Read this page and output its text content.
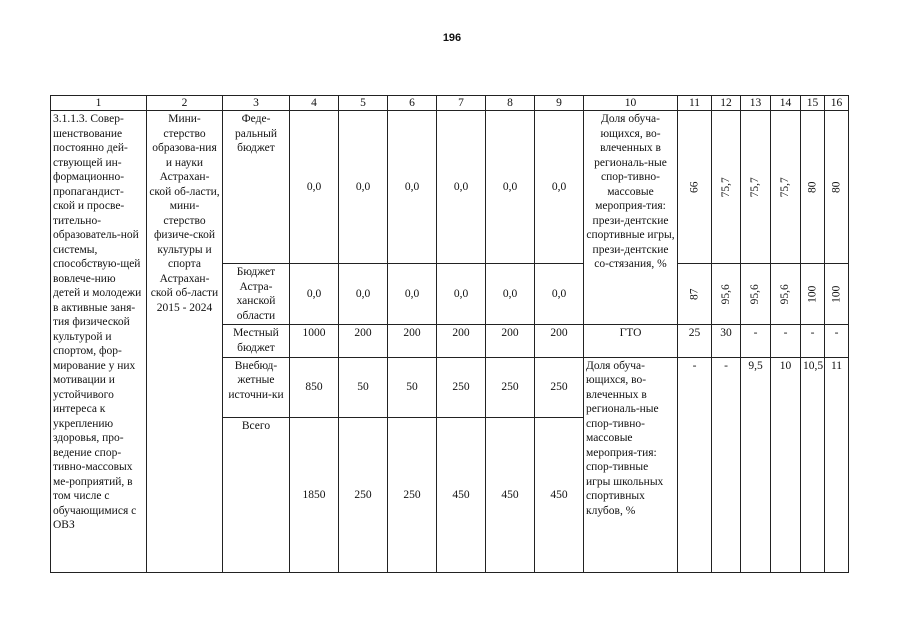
196
1	2	3	4	5	6	7	8	9	10	11	12	13	14	15	16
3.1.1.3. Совер-шенствование постоянно дей-ствующей ин-формационно-пропагандист-ской и просве-тительно-образователь-ной системы, способствую-щей вовлече-нию детей и молодежи в активные заня-тия физической культурой и спортом, фор-мирование у них мотивации и устойчивого интереса к укреплению здоровья, про-ведение спор-тивно-массовых ме-роприятий, в том числе с обучающимися с ОВЗ	Мини-стерство образова-ния и науки Астрахан-ской об-ласти, мини-стерство физиче-ской культуры и спорта Астрахан-ской об-ласти 2015 - 2024	Феде-ральный бюджет	0,0	0,0	0,0	0,0	0,0	0,0	Доля обуча-ющихся, во-влеченных в региональ-ные спор-тивно-массовые мероприя-тия: прези-дентские спортивные игры, прези-дентские со-стязания, %	66	75,7	75,7	75,7	80	80
		Бюджет Астра-ханской области	0,0	0,0	0,0	0,0	0,0	0,0		87	95,6	95,6	95,6	100	100
		Местный бюджет	1000	200	200	200	200	200	ГТО	25	30	-	-	-	-
		Внебюд-жетные источни-ки	850	50	50	250	250	250	Доля обуча-ющихся, во-влеченных в региональ-ные спор-тивно-массовые мероприя-тия: спор-тивные игры школьных спортивных клубов, %	-	-	9,5	10	10,5	11
		Всего	1850	250	250	450	450	450							
